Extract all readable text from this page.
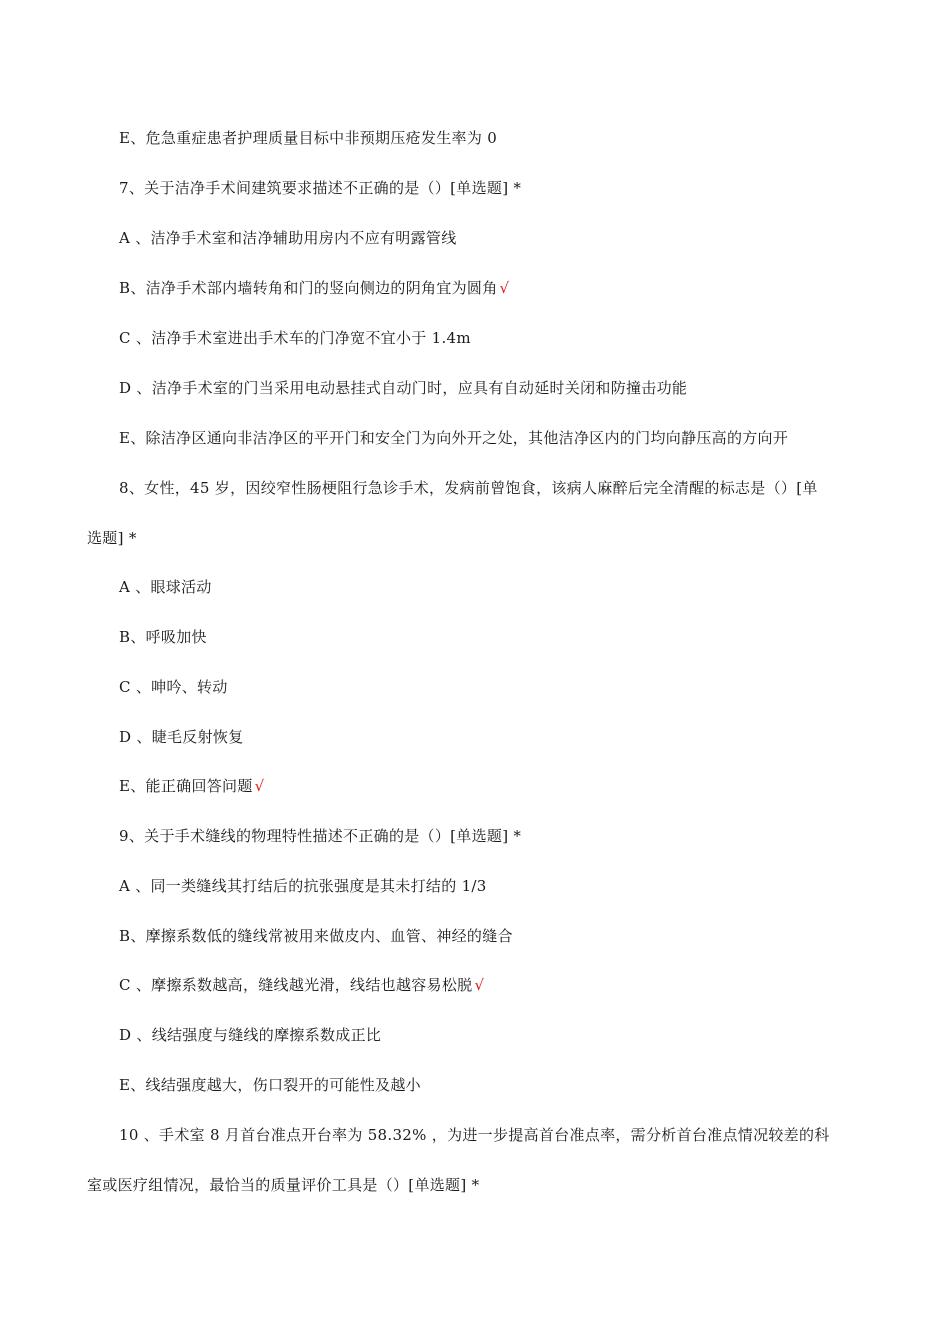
E、危急重症患者护理质量目标中非预期压疮发生率为 0
7、关于洁净手术间建筑要求描述不正确的是（）[单选题] *
A 、洁净手术室和洁净辅助用房内不应有明露管线
B、洁净手术部内墙转角和门的竖向侧边的阴角宜为圆角 √
C 、洁净手术室进出手术车的门净宽不宜小于 1.4m
D 、洁净手术室的门当采用电动悬挂式自动门时，应具有自动延时关闭和防撞击功能
E、除洁净区通向非洁净区的平开门和安全门为向外开之处，其他洁净区内的门均向静压高的方向开
8、女性，45 岁，因绞窄性肠梗阻行急诊手术，发病前曾饱食，该病人麻醉后完全清醒的标志是（）[单
选题] *
A 、眼球活动
B、呼吸加快
C 、呻吟、转动
D 、睫毛反射恢复
E、能正确回答问题 √
9、关于手术缝线的物理特性描述不正确的是（）[单选题] *
A 、同一类缝线其打结后的抗张强度是其未打结的 1/3
B、摩擦系数低的缝线常被用来做皮内、血管、神经的缝合
C 、摩擦系数越高，缝线越光滑，线结也越容易松脱 √
D 、线结强度与缝线的摩擦系数成正比
E、线结强度越大，伤口裂开的可能性及越小
10 、手术室 8 月首台准点开台率为 58.32% ，为进一步提高首台准点率，需分析首台准点情况较差的科
室或医疗组情况，最恰当的质量评价工具是（）[单选题] *
